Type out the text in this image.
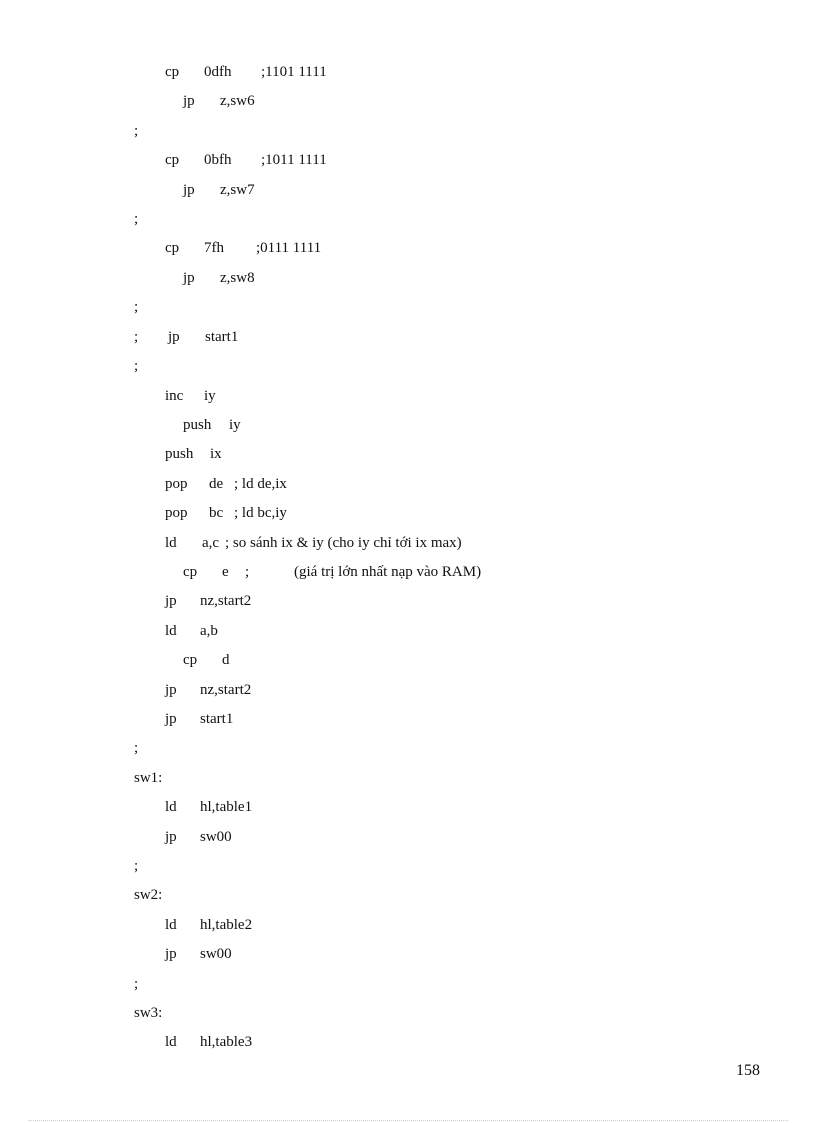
cp

0dfh

;1101 1111

jp

z,sw6

;

cp

0bfh

;1011 1111

jp

z,sw7

;

cp

7fh

;0111 1111

jp

z,sw8

;

;

jp

start1

;

inc

iy

push

iy

push

ix

pop

de

; ld de,ix

pop

bc

; ld bc,iy

ld

a,c

; so sánh ix & iy (cho iy chỉ tới ix max)

cp

e

;

	(giá trị lớn nhất nạp vào RAM)

jp

nz,start2

ld

a,b

cp

d

jp

nz,start2

jp

start1

;

sw1:

ld

hl,table1

jp

sw00

;

sw2:

ld

hl,table2

jp

sw00

;

sw3:

ld

hl,table3

158
